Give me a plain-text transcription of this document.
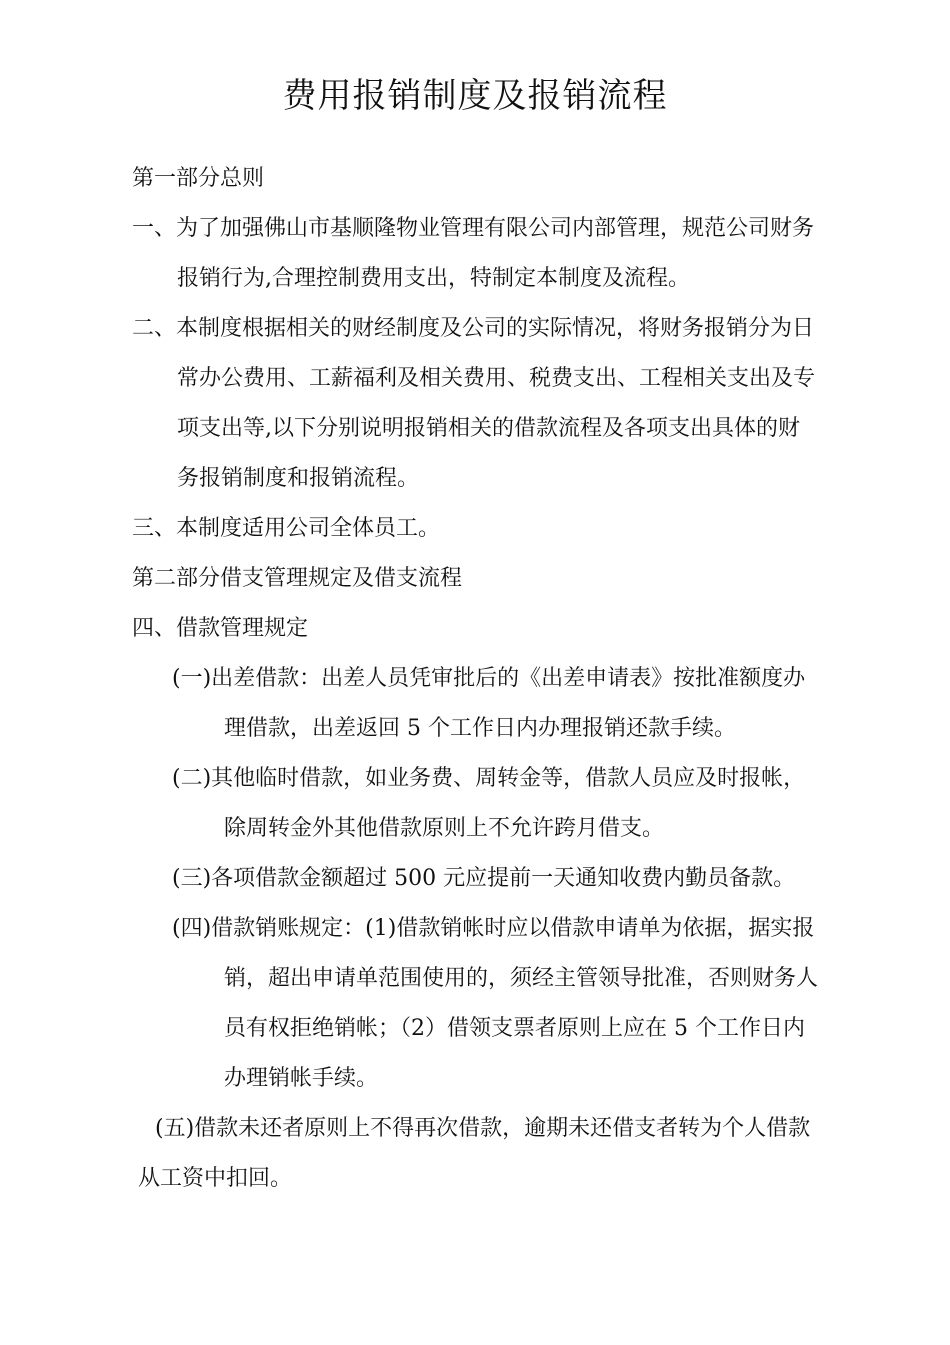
费用报销制度及报销流程
第一部分总则
一、为了加强佛山市基顺隆物业管理有限公司内部管理，规范公司财务
报销行为,合理控制费用支出，特制定本制度及流程。
二、本制度根据相关的财经制度及公司的实际情况，将财务报销分为日
常办公费用、工薪福利及相关费用、税费支出、工程相关支出及专
项支出等,以下分别说明报销相关的借款流程及各项支出具体的财
务报销制度和报销流程。
三、本制度适用公司全体员工。
第二部分借支管理规定及借支流程
四、借款管理规定
(一)出差借款：出差人员凭审批后的《出差申请表》按批准额度办
理借款，出差返回 5 个工作日内办理报销还款手续。
(二)其他临时借款，如业务费、周转金等，借款人员应及时报帐，
除周转金外其他借款原则上不允许跨月借支。
(三)各项借款金额超过 500 元应提前一天通知收费内勤员备款。
(四)借款销账规定：(1)借款销帐时应以借款申请单为依据，据实报
销，超出申请单范围使用的，须经主管领导批准，否则财务人
员有权拒绝销帐；（2）借领支票者原则上应在 5 个工作日内
办理销帐手续。
(五)借款未还者原则上不得再次借款，逾期未还借支者转为个人借款
从工资中扣回。
